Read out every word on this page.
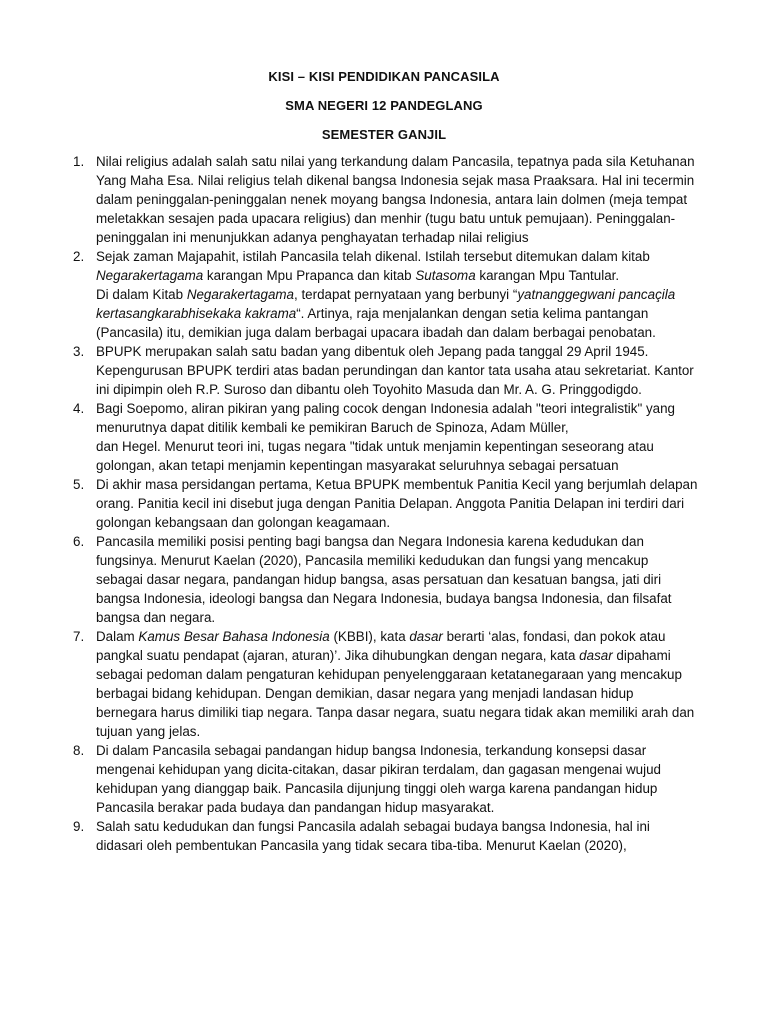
KISI – KISI PENDIDIKAN PANCASILA
SMA NEGERI 12 PANDEGLANG
SEMESTER GANJIL
1. Nilai religius adalah salah satu nilai yang terkandung dalam Pancasila, tepatnya pada sila Ketuhanan Yang Maha Esa. Nilai religius telah dikenal bangsa Indonesia sejak masa Praaksara. Hal ini tecermin dalam peninggalan-peninggalan nenek moyang bangsa Indonesia, antara lain dolmen (meja tempat meletakkan sesajen pada upacara religius) dan menhir (tugu batu untuk pemujaan). Peninggalan-peninggalan ini menunjukkan adanya penghayatan terhadap nilai religius
2. Sejak zaman Majapahit, istilah Pancasila telah dikenal. Istilah tersebut ditemukan dalam kitab Negarakertagama karangan Mpu Prapanca dan kitab Sutasoma karangan Mpu Tantular.
Di dalam Kitab Negarakertagama, terdapat pernyataan yang berbunyi “yatnanggegwani pancaçila kertasangkarabhisekaka kakrama“. Artinya, raja menjalankan dengan setia kelima pantangan (Pancasila) itu, demikian juga dalam berbagai upacara ibadah dan dalam berbagai penobatan.
3. BPUPK merupakan salah satu badan yang dibentuk oleh Jepang pada tanggal 29 April 1945. Kepengurusan BPUPK terdiri atas badan perundingan dan kantor tata usaha atau sekretariat. Kantor ini dipimpin oleh R.P. Suroso dan dibantu oleh Toyohito Masuda dan Mr. A. G. Pringgodigdo.
4. Bagi Soepomo, aliran pikiran yang paling cocok dengan Indonesia adalah "teori integralistik" yang menurutnya dapat ditilik kembali ke pemikiran Baruch de Spinoza, Adam Müller,
dan Hegel. Menurut teori ini, tugas negara "tidak untuk menjamin kepentingan seseorang atau golongan, akan tetapi menjamin kepentingan masyarakat seluruhnya sebagai persatuan
5. Di akhir masa persidangan pertama, Ketua BPUPK membentuk Panitia Kecil yang berjumlah delapan orang. Panitia kecil ini disebut juga dengan Panitia Delapan. Anggota Panitia Delapan ini terdiri dari golongan kebangsaan dan golongan keagamaan.
6. Pancasila memiliki posisi penting bagi bangsa dan Negara Indonesia karena kedudukan dan fungsinya. Menurut Kaelan (2020), Pancasila memiliki kedudukan dan fungsi yang mencakup sebagai dasar negara, pandangan hidup bangsa, asas persatuan dan kesatuan bangsa, jati diri bangsa Indonesia, ideologi bangsa dan Negara Indonesia, budaya bangsa Indonesia, dan filsafat bangsa dan negara.
7. Dalam Kamus Besar Bahasa Indonesia (KBBI), kata dasar berarti ‘alas, fondasi, dan pokok atau pangkal suatu pendapat (ajaran, aturan)’. Jika dihubungkan dengan negara, kata dasar dipahami sebagai pedoman dalam pengaturan kehidupan penyelenggaraan ketatanegaraan yang mencakup berbagai bidang kehidupan. Dengan demikian, dasar negara yang menjadi landasan hidup bernegara harus dimiliki tiap negara. Tanpa dasar negara, suatu negara tidak akan memiliki arah dan tujuan yang jelas.
8. Di dalam Pancasila sebagai pandangan hidup bangsa Indonesia, terkandung konsepsi dasar mengenai kehidupan yang dicita-citakan, dasar pikiran terdalam, dan gagasan mengenai wujud kehidupan yang dianggap baik. Pancasila dijunjung tinggi oleh warga karena pandangan hidup Pancasila berakar pada budaya dan pandangan hidup masyarakat.
9. Salah satu kedudukan dan fungsi Pancasila adalah sebagai budaya bangsa Indonesia, hal ini didasari oleh pembentukan Pancasila yang tidak secara tiba-tiba. Menurut Kaelan (2020),
